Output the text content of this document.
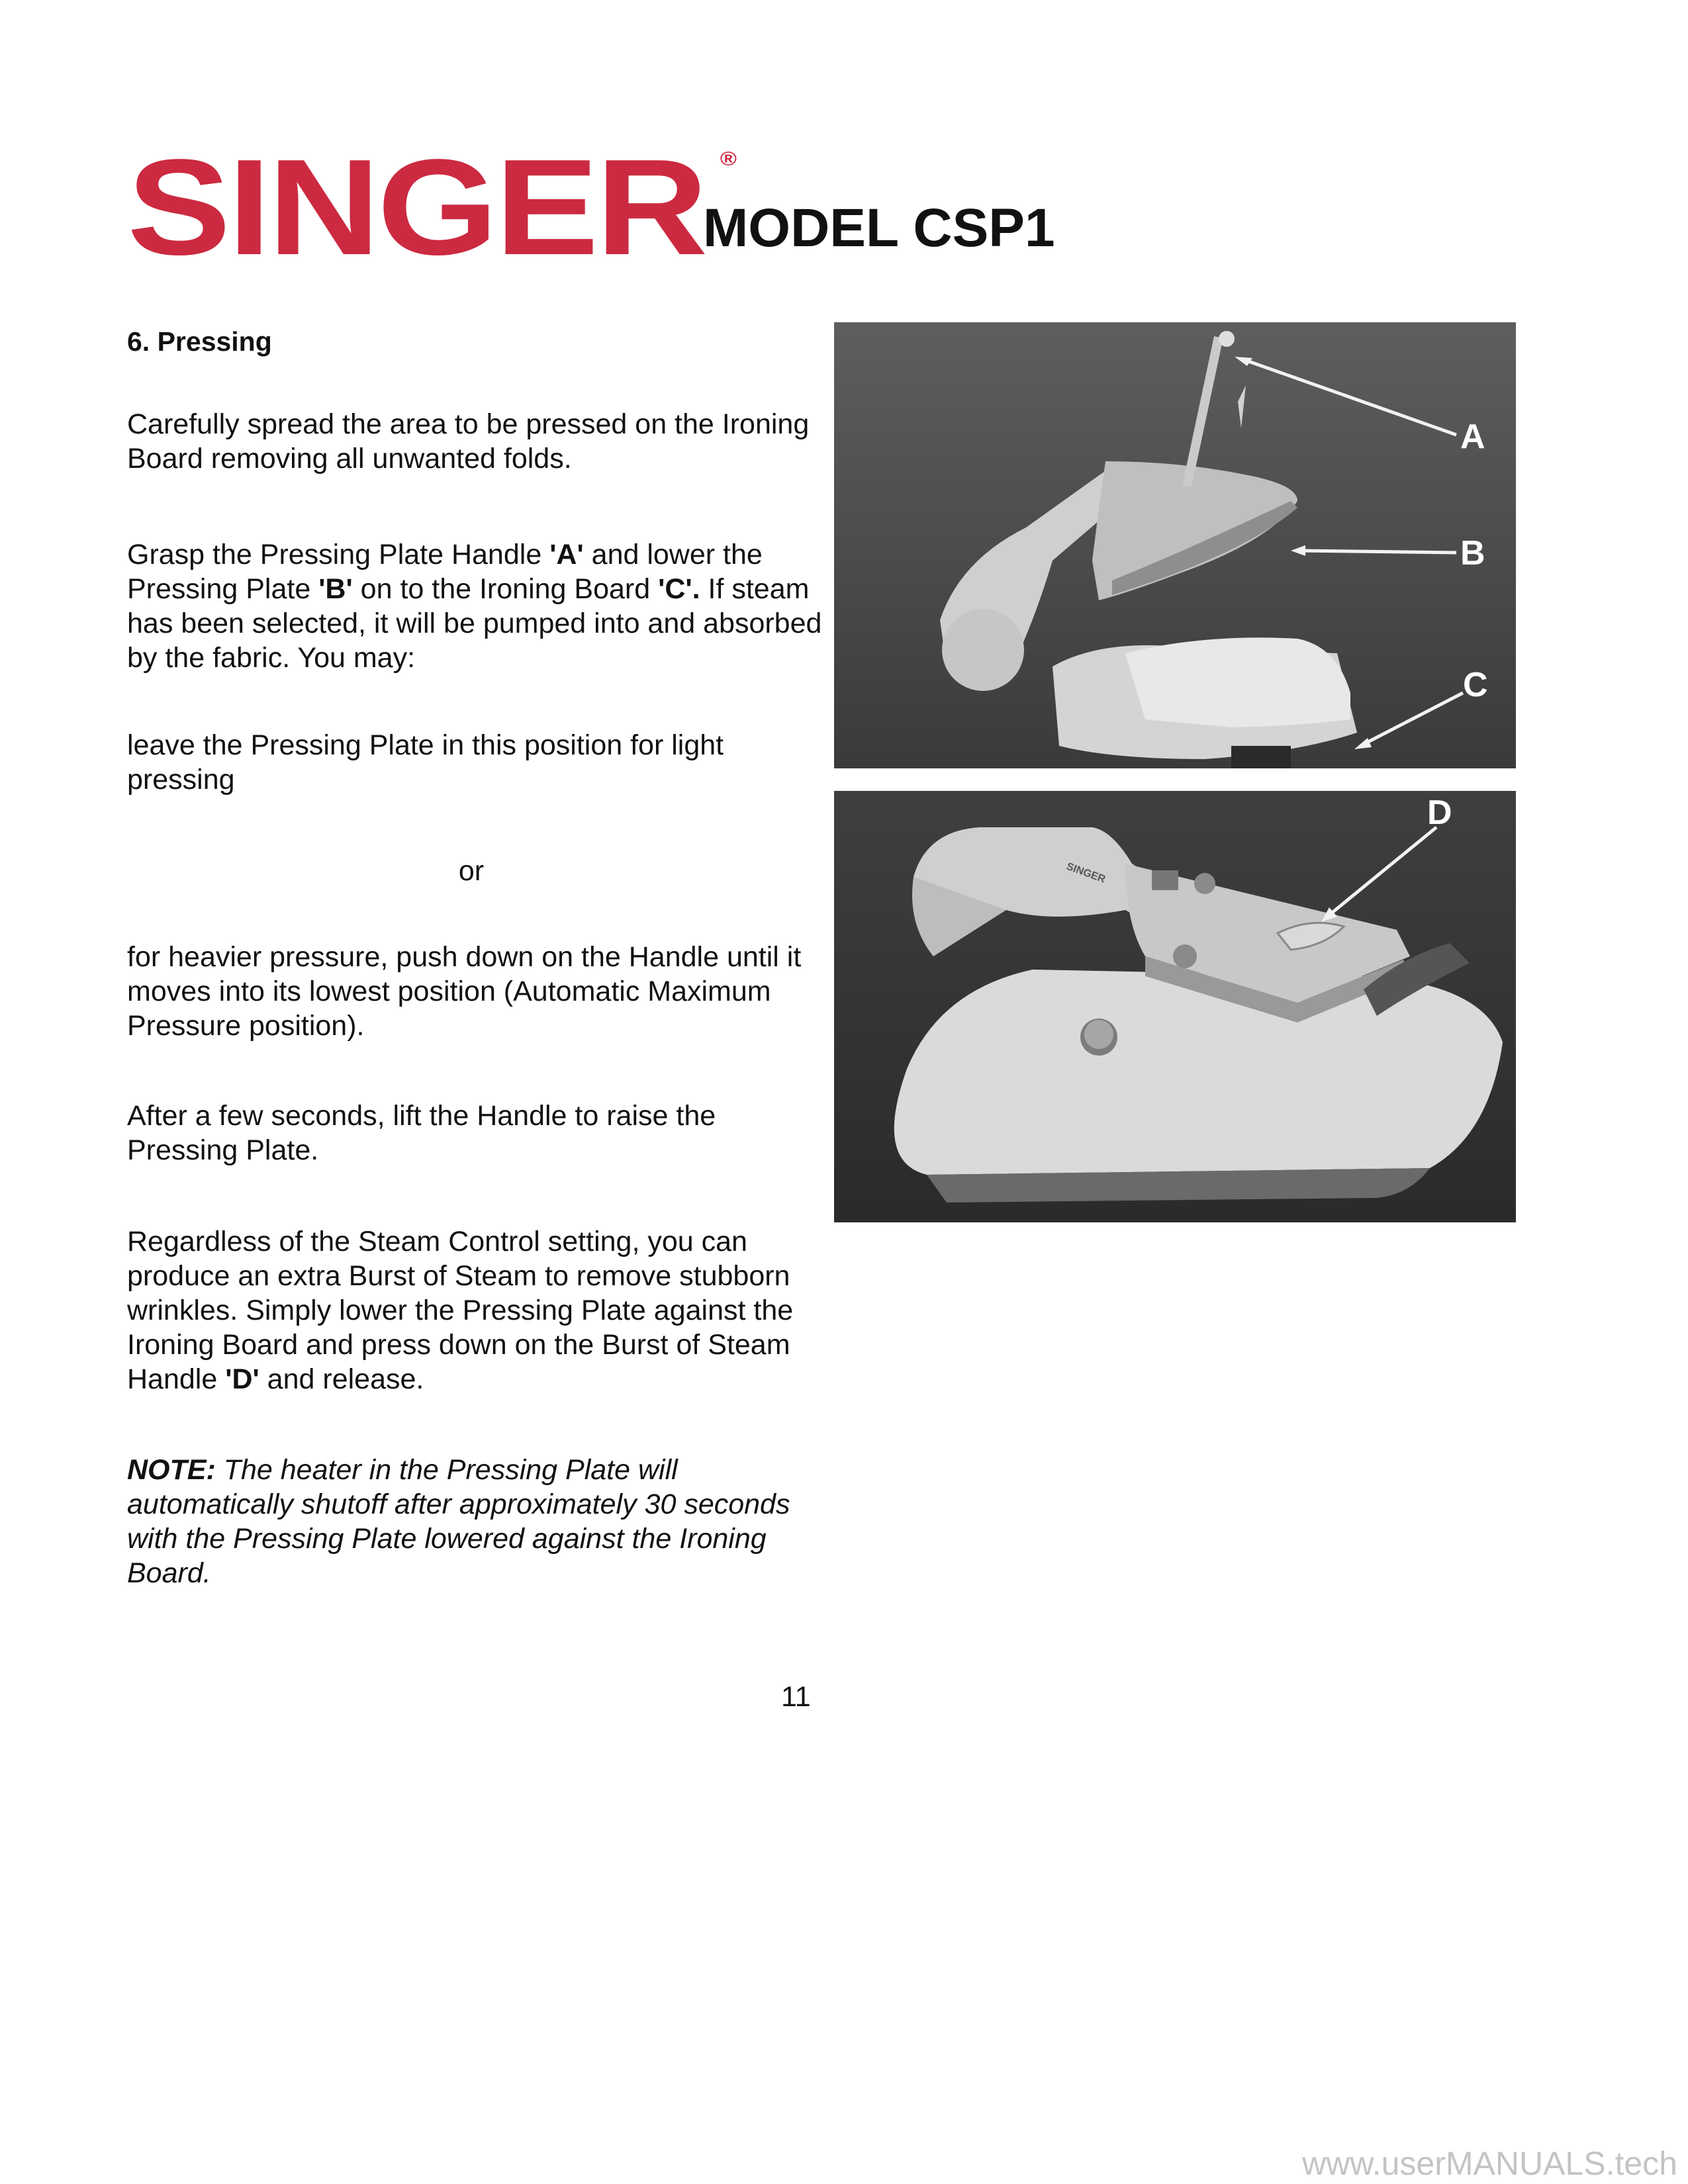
SINGER ®
MODEL CSP1

6. Pressing

Carefully spread the area to be pressed on the Ironing Board removing all unwanted folds.

Grasp the Pressing Plate Handle 'A' and lower the Pressing Plate 'B' on to the Ironing Board 'C'. If steam has been selected, it will be pumped into and absorbed by the fabric. You may:

leave the Pressing Plate in this position for light pressing

or

for heavier pressure, push down on the Handle until it moves into its lowest position (Automatic Maximum Pressure position).

After a few seconds, lift the Handle to raise the Pressing Plate.

Regardless of the Steam Control setting, you can produce an extra Burst of Steam to remove stubborn wrinkles. Simply lower the Pressing Plate against the Ironing Board and press down on the Burst of Steam Handle 'D' and release.

NOTE: The heater in the Pressing Plate will automatically shutoff after approximately 30 seconds with the Pressing Plate lowered against the Ironing Board.

A
B
C
SINGER
D

11

www.userMANUALS.tech
